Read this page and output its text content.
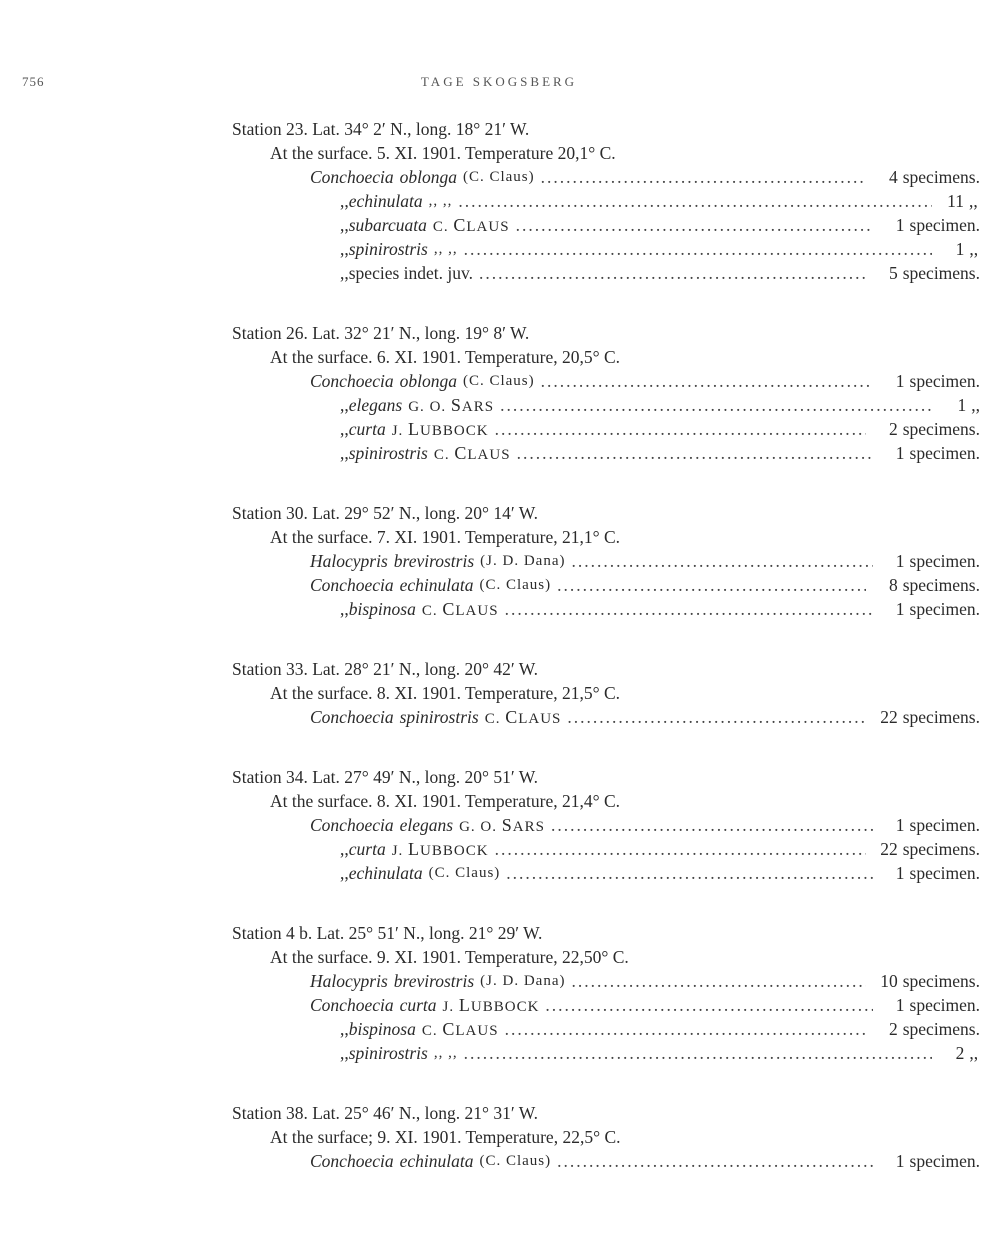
756	TAGE SKOGSBERG
Station 23. Lat. 34° 2′ N., long. 18° 21′ W.
At the surface. 5. XI. 1901. Temperature 20,1° C.
Conchoecia oblonga (C. Claus) .....	4 specimens.
,, echinulata ,, ,, .....	11 ,,
,, subarcuata C. CLAUS .....	1 specimen.
,, spinirostris ,, ,, .....	1 ,,
,, species indet. juv. .....	5 specimens.
Station 26. Lat. 32° 21′ N., long. 19° 8′ W.
At the surface. 6. XI. 1901. Temperature, 20,5° C.
Conchoecia oblonga (C. Claus) .....	1 specimen.
,, elegans G. O. SARS .....	1 ,,
,, curta J. LUBBOCK .....	2 specimens.
,, spinirostris C. CLAUS .....	1 specimen.
Station 30. Lat. 29° 52′ N., long. 20° 14′ W.
At the surface. 7. XI. 1901. Temperature, 21,1° C.
Halocypris brevirostris (J. D. Dana) .....	1 specimen.
Conchoecia echinulata (C. Claus) .....	8 specimens.
,, bispinosa C. CLAUS .....	1 specimen.
Station 33. Lat. 28° 21′ N., long. 20° 42′ W.
At the surface. 8. XI. 1901. Temperature, 21,5° C.
Conchoecia spinirostris C. CLAUS .....	22 specimens.
Station 34. Lat. 27° 49′ N., long. 20° 51′ W.
At the surface. 8. XI. 1901. Temperature, 21,4° C.
Conchoecia elegans G. O. SARS .....	1 specimen.
,, curta J. LUBBOCK .....	22 specimens.
,, echinulata (C. Claus) .....	1 specimen.
Station 4 b. Lat. 25° 51′ N., long. 21° 29′ W.
At the surface. 9. XI. 1901. Temperature, 22,50° C.
Halocypris brevirostris (J. D. Dana) .....	10 specimens.
Conchoecia curta J. LUBBOCK .....	1 specimen.
,, bispinosa C. CLAUS .....	2 specimens.
,, spinirostris ,, ,, .....	2 ,,
Station 38. Lat. 25° 46′ N., long. 21° 31′ W.
At the surface; 9. XI. 1901. Temperature, 22,5° C.
Conchoecia echinulata (C. Claus) .....	1 specimen.
